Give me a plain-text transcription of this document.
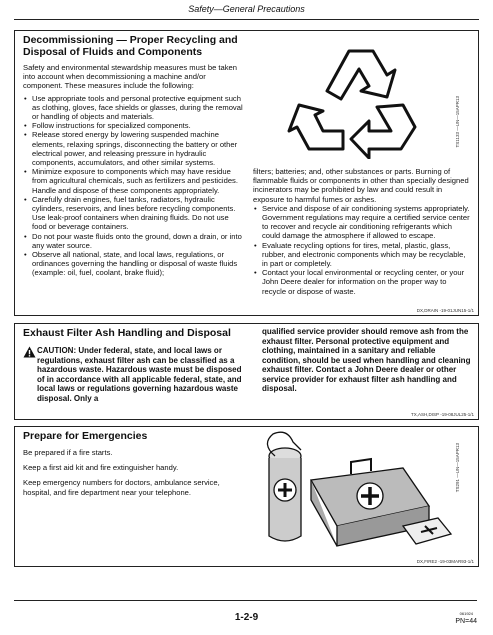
Safety—General Precautions
Decommissioning — Proper Recycling and Disposal of Fluids and Components

Safety and environmental stewardship measures must be taken into account when decommissioning a machine and/or component. These measures include the following:

• Use appropriate tools and personal protective equipment such as clothing, gloves, face shields or glasses, during the removal or handling of objects and materials.
• Follow instructions for specialized components.
• Release stored energy by lowering suspended machine elements, relaxing springs, disconnecting the battery or other electrical power, and releasing pressure in hydraulic components, accumulators, and other similar systems.
• Minimize exposure to components which may have residue from agricultural chemicals, such as fertilizers and pesticides. Handle and dispose of these components appropriately.
• Carefully drain engines, fuel tanks, radiators, hydraulic cylinders, reservoirs, and lines before recycling components. Use leak-proof containers when draining fluids. Do not use food or beverage containers.
• Do not pour waste fluids onto the ground, down a drain, or into any water source.
• Observe all national, state, and local laws, regulations, or ordinances governing the handling or disposal of waste fluids (example: oil, fuel, coolant, brake fluid);
TS1133 —UN—15APR13

filters; batteries; and, other substances or parts. Burning of flammable fluids or components in other than specially designed incinerators may be prohibited by law and could result in exposure to harmful fumes or ashes.

• Service and dispose of air conditioning systems appropriately. Government regulations may require a certified service center to recover and recycle air conditioning refrigerants which could damage the atmosphere if allowed to escape.
• Evaluate recycling options for tires, metal, plastic, glass, rubber, and electronic components which may be recyclable, in part or completely.
• Contact your local environmental or recycling center, or your John Deere dealer for information on the proper way to recycle or dispose of waste.
DX,DRAIN -19-01JUN15-1/1
Exhaust Filter Ash Handling and Disposal

CAUTION: Under federal, state, and local laws or regulations, exhaust filter ash can be classified as a hazardous waste. Hazardous waste must be disposed of in accordance with all applicable federal, state, and local laws or regulations governing hazardous waste disposal. Only a

qualified service provider should remove ash from the exhaust filter. Personal protective equipment and clothing, maintained in a sanitary and reliable condition, should be used when handling and cleaning exhaust filter. Contact a John Deere dealer or other service provider for exhaust filter ash handling and disposal.

TX,ASH,DISP -19-08JUL25-1/1
Prepare for Emergencies

Be prepared if a fire starts.

Keep a first aid kit and fire extinguisher handy.

Keep emergency numbers for doctors, ambulance service, hospital, and fire department near your telephone.	TS291 —UN—15APR13
DX,FIRE2 -19-03MAR93-1/1
1-2-9	061924
PN=44
